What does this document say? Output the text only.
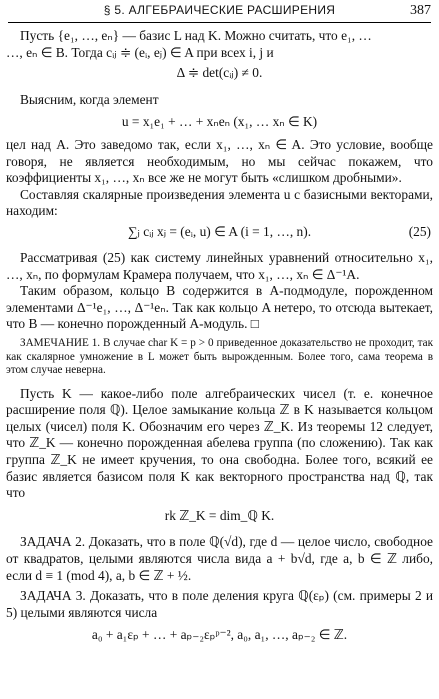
§ 5. АЛГЕБРАИЧЕСКИЕ РАСШИРЕНИЯ	387

Пусть {e₁, …, eₙ} — базис L над K. Можно считать, что e₁, …
…, eₙ ∈ B. Тогда cᵢⱼ ≑ (eᵢ, eⱼ) ∈ A при всех i, j и

Δ ≑ det(cᵢⱼ) ≠ 0.

Выясним, когда элемент

u = x₁e₁ + … + xₙeₙ (x₁, … xₙ ∈ K)

цел над A. Это заведомо так, если x₁, …, xₙ ∈ A. Это условие, вообще говоря, не является необходимым, но мы сейчас покажем, что коэффициенты x₁, …, xₙ все же не могут быть «слишком дробными».

Составляя скалярные произведения элемента u с базисными векторами, находим:

∑ⱼ cᵢⱼ xⱼ = (eᵢ, u) ∈ A (i = 1, …, n).	(25)

Рассматривая (25) как систему линейных уравнений относительно x₁, …, xₙ, по формулам Крамера получаем, что x₁, …, xₙ ∈ Δ⁻¹A.

Таким образом, кольцо B содержится в A-подмодуле, порожденном элементами Δ⁻¹e₁, …, Δ⁻¹eₙ. Так как кольцо A нетеро, то отсюда вытекает, что B — конечно порожденный A-модуль. □

ЗАМЕЧАНИЕ 1. В случае char K = p > 0 приведенное доказательство не проходит, так как скалярное умножение в L может быть вырожденным. Более того, сама теорема в этом случае неверна.

Пусть K — какое-либо поле алгебраических чисел (т. е. конечное расширение поля ℚ). Целое замыкание кольца ℤ в K называется кольцом целых (чисел) поля K. Обозначим его через ℤ_K. Из теоремы 12 следует, что ℤ_K — конечно порожденная абелева группа (по сложению). Так как группа ℤ_K не имеет кручения, то она свободна. Более того, всякий ее базис является базисом поля K как векторного пространства над ℚ, так что

rk ℤ_K = dim_ℚ K.

ЗАДАЧА 2. Доказать, что в поле ℚ(√d), где d — целое число, свободное от квадратов, целыми являются числа вида a + b√d, где a, b ∈ ℤ либо, если d ≡ 1 (mod 4), a, b ∈ ℤ + ½.

ЗАДАЧА 3. Доказать, что в поле деления круга ℚ(εₚ) (см. примеры 2 и 5) целыми являются числа

a₀ + a₁εₚ + … + aₚ₋₂εₚᵖ⁻², a₀, a₁, …, aₚ₋₂ ∈ ℤ.
